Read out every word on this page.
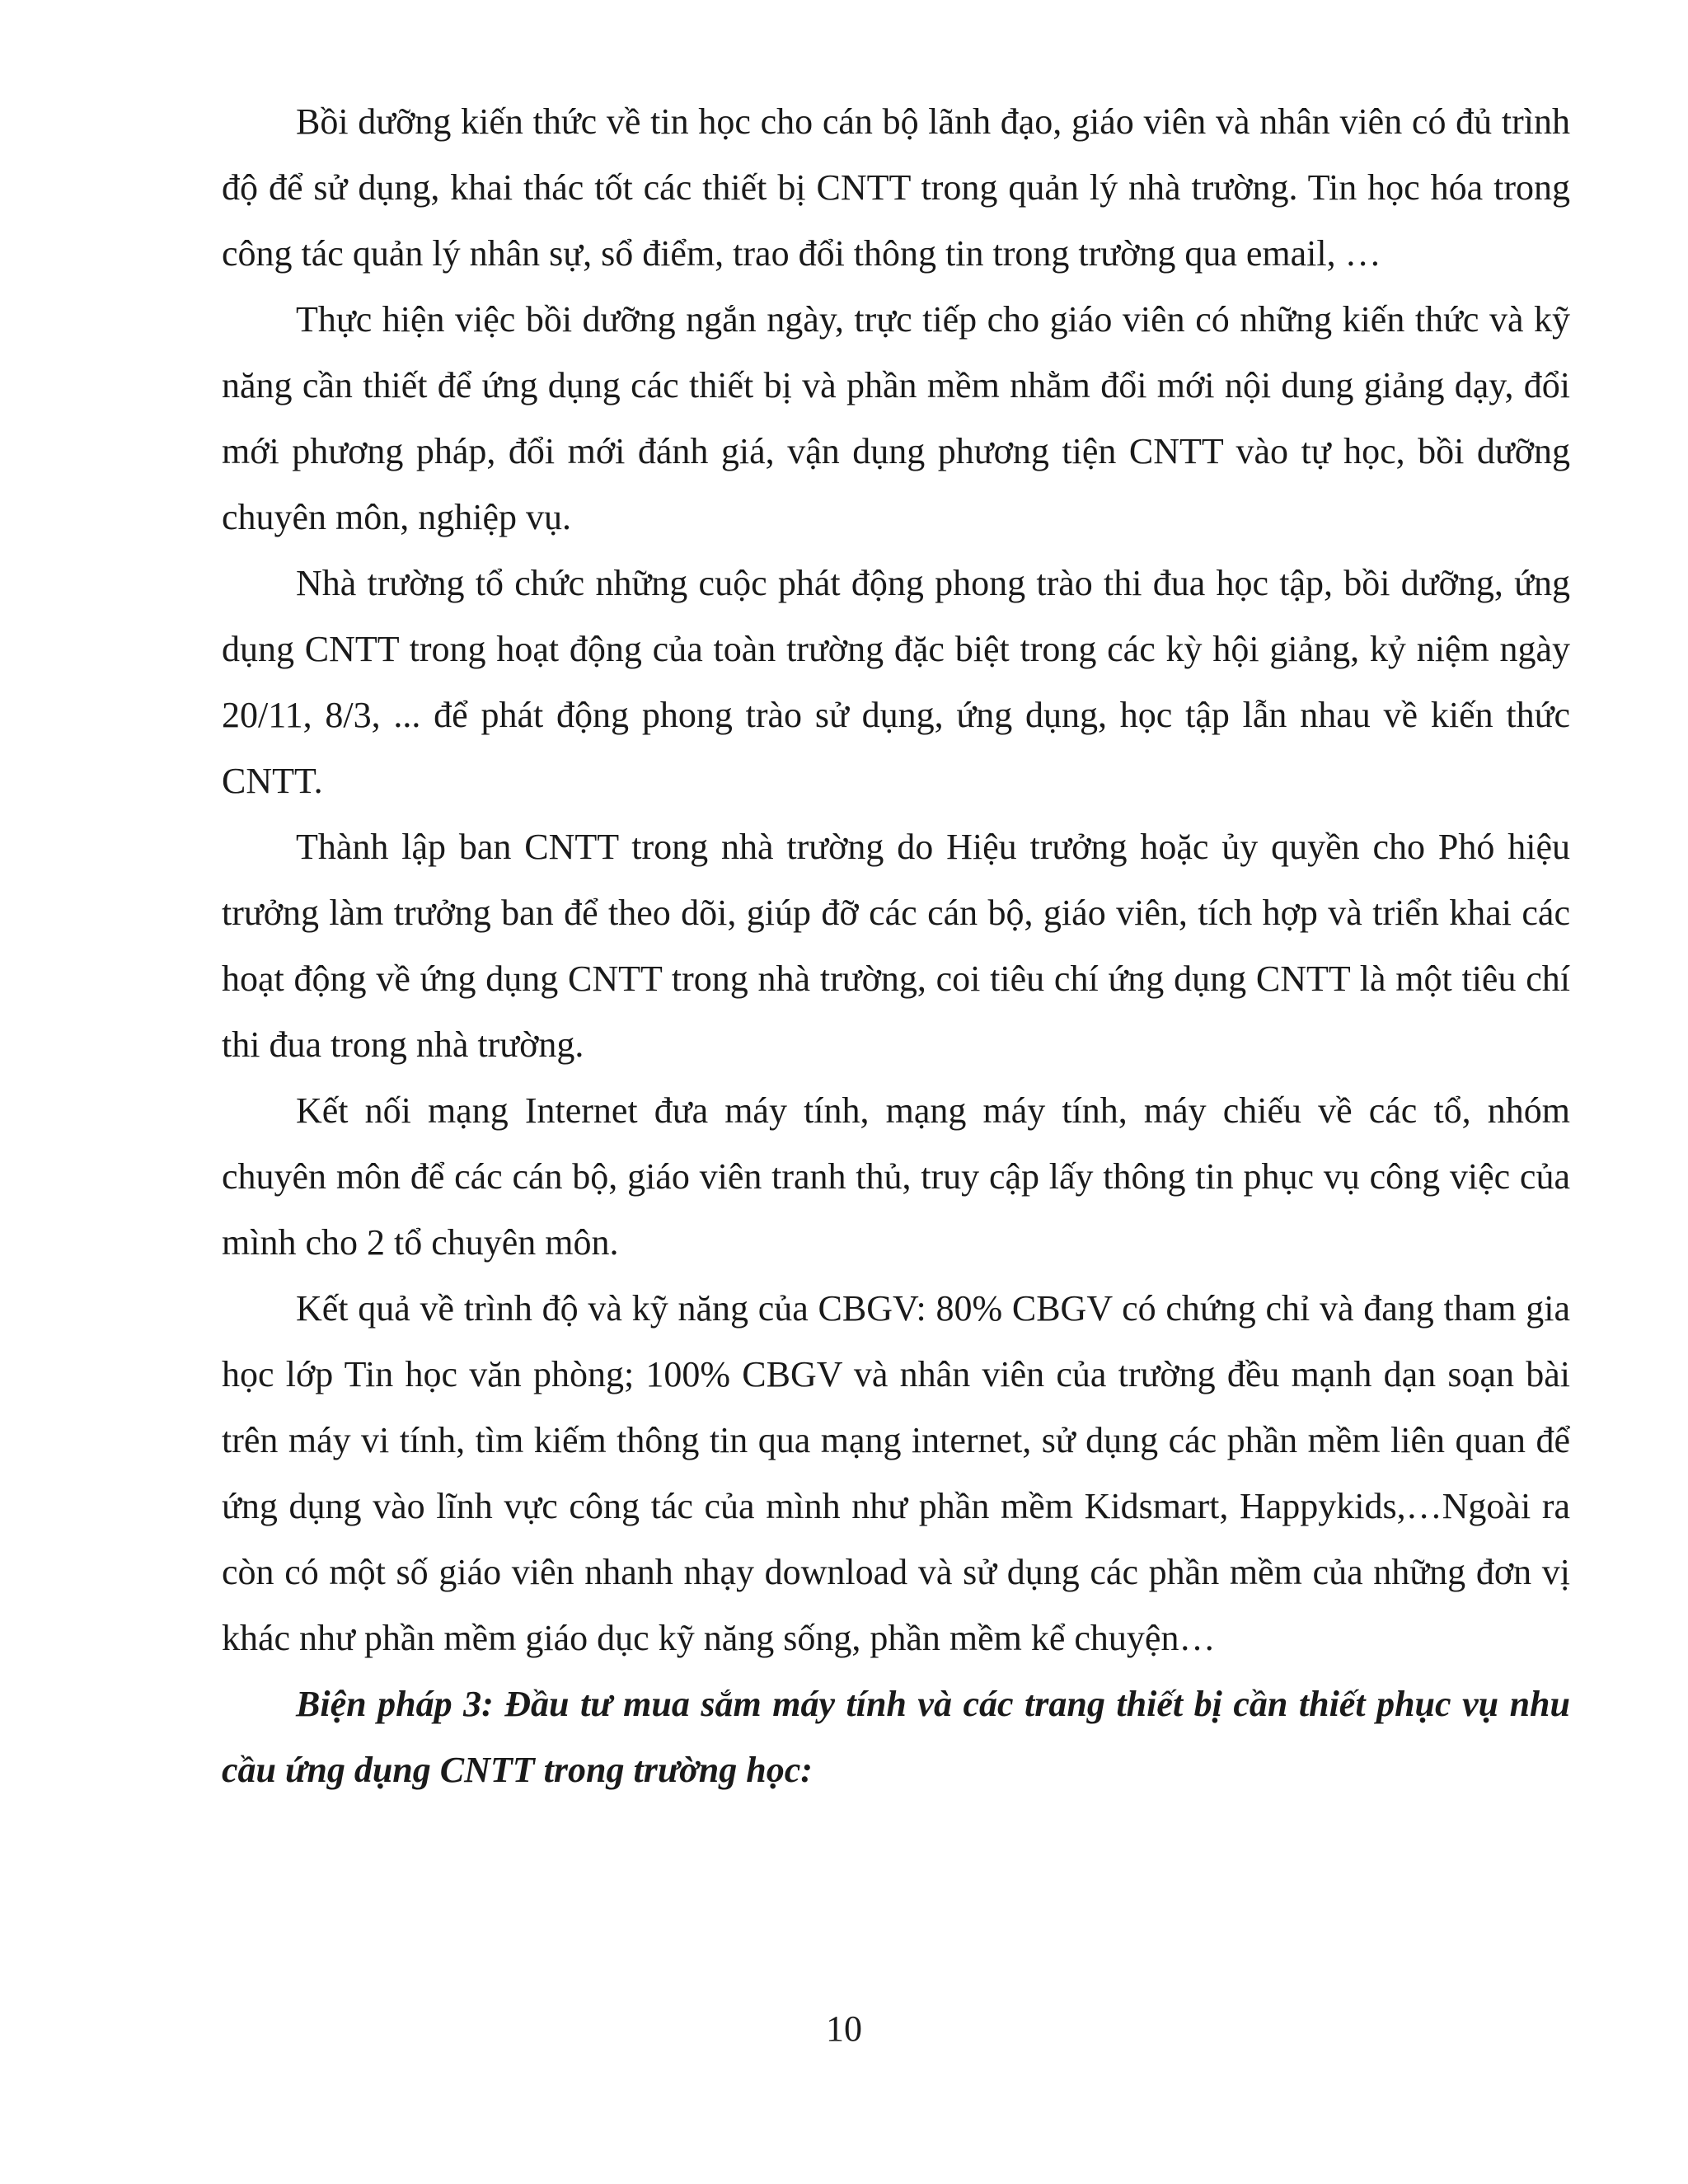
Bồi dưỡng kiến thức về tin học cho cán bộ lãnh đạo, giáo viên và nhân viên có đủ trình độ để sử dụng, khai thác tốt các thiết bị CNTT trong quản lý nhà trường. Tin học hóa trong công tác quản lý nhân sự, sổ điểm, trao đổi thông tin trong trường qua email, …

Thực hiện việc bồi dưỡng ngắn ngày, trực tiếp cho giáo viên có những kiến thức và kỹ năng cần thiết để ứng dụng các thiết bị và phần mềm nhằm đổi mới nội dung giảng dạy, đổi mới phương pháp, đổi mới đánh giá, vận dụng phương tiện CNTT vào tự học, bồi dưỡng chuyên môn, nghiệp vụ.

Nhà trường tổ chức những cuộc phát động phong trào thi đua học tập, bồi dưỡng, ứng dụng CNTT trong hoạt động của toàn trường đặc biệt trong các kỳ hội giảng, kỷ niệm ngày 20/11, 8/3, ... để phát động phong trào sử dụng, ứng dụng, học tập lẫn nhau về kiến thức CNTT.

Thành lập ban CNTT trong nhà trường do Hiệu trưởng hoặc ủy quyền cho Phó hiệu trưởng làm trưởng ban để theo dõi, giúp đỡ các cán bộ, giáo viên, tích hợp và triển khai các hoạt động về ứng dụng CNTT trong nhà trường, coi tiêu chí ứng dụng CNTT là một tiêu chí thi đua trong nhà trường.

Kết nối mạng Internet đưa máy tính, mạng máy tính, máy chiếu về các tổ, nhóm chuyên môn để các cán bộ, giáo viên tranh thủ, truy cập lấy thông tin phục vụ công việc của mình cho 2 tổ chuyên môn.

Kết quả về trình độ và kỹ năng của CBGV: 80% CBGV có chứng chỉ và đang tham gia học lớp Tin học văn phòng; 100% CBGV và nhân viên của trường đều mạnh dạn soạn bài trên máy vi tính, tìm kiếm thông tin qua mạng internet, sử dụng các phần mềm liên quan để ứng dụng vào lĩnh vực công tác của mình như phần mềm Kidsmart, Happykids,…Ngoài ra còn có một số giáo viên nhanh nhạy download và sử dụng các phần mềm của những đơn vị khác như phần mềm giáo dục kỹ năng sống, phần mềm kể chuyện…

Biện pháp 3: Đầu tư mua sắm máy tính và các trang thiết bị cần thiết phục vụ nhu cầu ứng dụng CNTT trong trường học:

10
